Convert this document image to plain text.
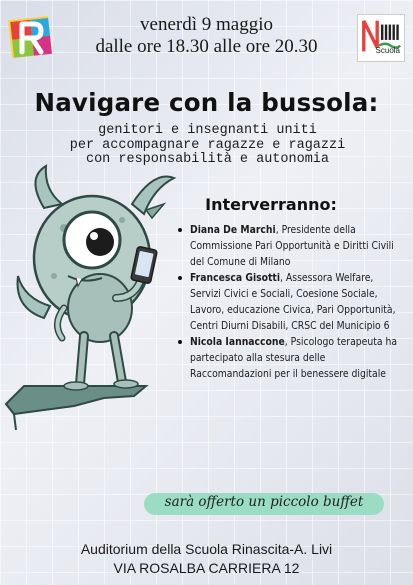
Scuola
venerdì 9 maggio
dalle ore 18.30 alle ore 20.30
Navigare con la bussola:
genitori e insegnanti uniti
per accompagnare ragazze e ragazzi
con responsabilità e autonomia
Interverranno:
Diana De Marchi, Presidente della Commissione Pari Opportunità e Diritti Civili del Comune di Milano
Francesca Gisotti, Assessora Welfare, Servizi Civici e Sociali, Coesione Sociale, Lavoro, educazione Civica, Pari Opportunità, Centri Diurni Disabili, CRSC del Municipio 6
Nicola Iannaccone, Psicologo terapeuta ha partecipato alla stesura delle Raccomandazioni per il benessere digitale
sarà offerto un piccolo buffet
Auditorium della Scuola Rinascita-A. Livi
VIA ROSALBA CARRIERA 12
